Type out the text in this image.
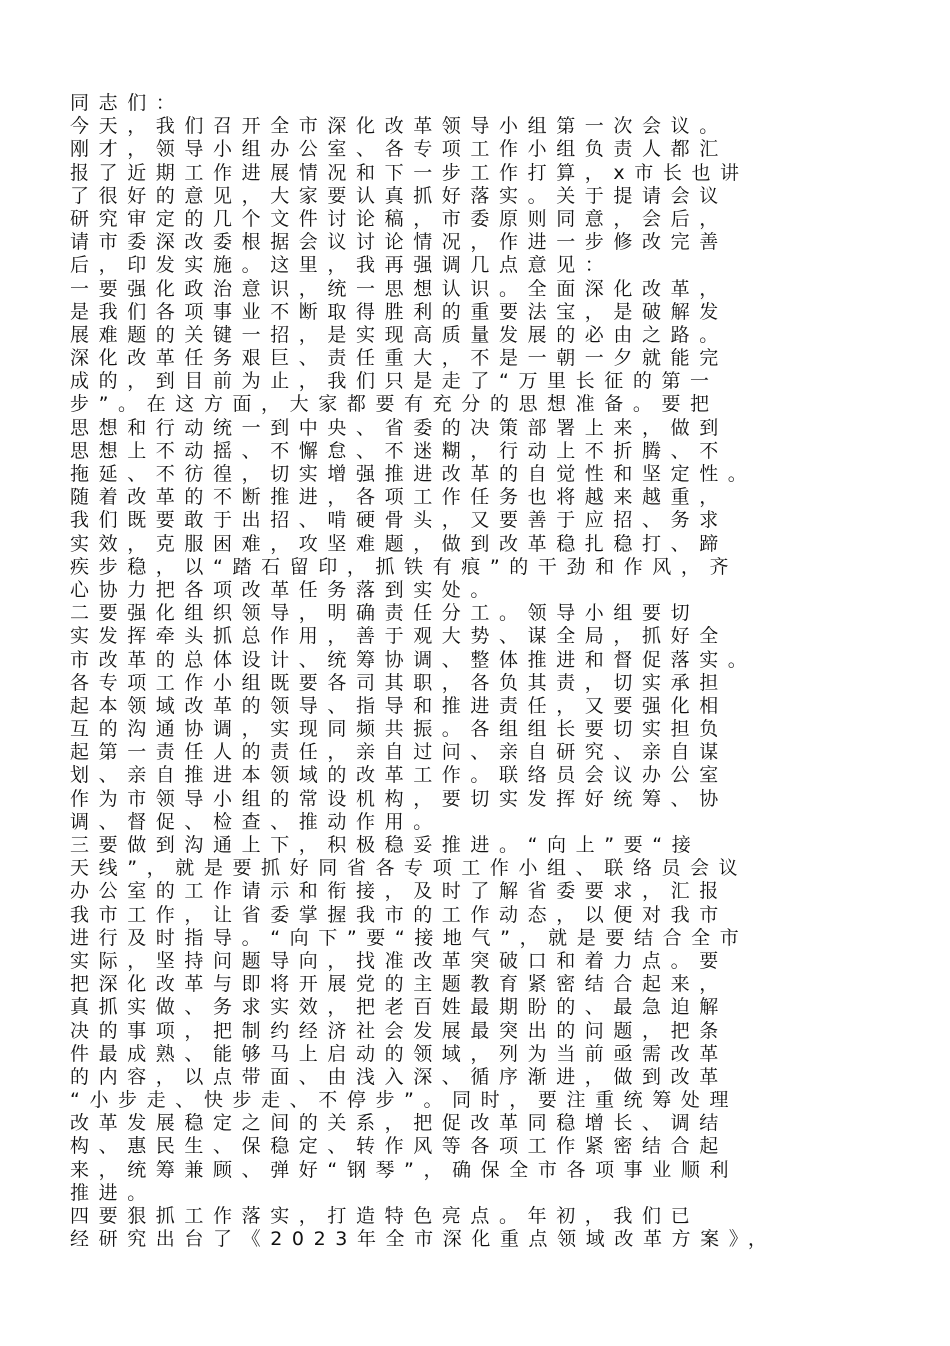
同志们：
今天，我们召开全市深化改革领导小组第一次会议。
刚才，领导小组办公室、各专项工作小组负责人都汇
报了近期工作进展情况和下一步工作打算，x市长也讲
了很好的意见，大家要认真抓好落实。关于提请会议
研究审定的几个文件讨论稿，市委原则同意，会后，
请市委深改委根据会议讨论情况，作进一步修改完善
后，印发实施。这里，我再强调几点意见：
一要强化政治意识，统一思想认识。全面深化改革，
是我们各项事业不断取得胜利的重要法宝，是破解发
展难题的关键一招，是实现高质量发展的必由之路。
深化改革任务艰巨、责任重大，不是一朝一夕就能完
成的，到目前为止，我们只是走了“万里长征的第一
步”。在这方面，大家都要有充分的思想准备。要把
思想和行动统一到中央、省委的决策部署上来，做到
思想上不动摇、不懈怠、不迷糊，行动上不折腾、不
拖延、不彷徨，切实增强推进改革的自觉性和坚定性。
随着改革的不断推进，各项工作任务也将越来越重，
我们既要敢于出招、啃硬骨头，又要善于应招、务求
实效，克服困难，攻坚难题，做到改革稳扎稳打、蹄
疾步稳，以“踏石留印，抓铁有痕”的干劲和作风，齐
心协力把各项改革任务落到实处。
二要强化组织领导，明确责任分工。领导小组要切
实发挥牵头抓总作用，善于观大势、谋全局，抓好全
市改革的总体设计、统筹协调、整体推进和督促落实。
各专项工作小组既要各司其职，各负其责，切实承担
起本领域改革的领导、指导和推进责任，又要强化相
互的沟通协调，实现同频共振。各组组长要切实担负
起第一责任人的责任，亲自过问、亲自研究、亲自谋
划、亲自推进本领域的改革工作。联络员会议办公室
作为市领导小组的常设机构，要切实发挥好统筹、协
调、督促、检查、推动作用。
三要做到沟通上下，积极稳妥推进。“向上”要“接
天线”，就是要抓好同省各专项工作小组、联络员会议
办公室的工作请示和衔接，及时了解省委要求，汇报
我市工作，让省委掌握我市的工作动态，以便对我市
进行及时指导。“向下”要“接地气”，就是要结合全市
实际，坚持问题导向，找准改革突破口和着力点。要
把深化改革与即将开展党的主题教育紧密结合起来，
真抓实做、务求实效，把老百姓最期盼的、最急迫解
决的事项，把制约经济社会发展最突出的问题，把条
件最成熟、能够马上启动的领域，列为当前亟需改革
的内容，以点带面、由浅入深、循序渐进，做到改革
“小步走、快步走、不停步”。同时，要注重统筹处理
改革发展稳定之间的关系，把促改革同稳增长、调结
构、惠民生、保稳定、转作风等各项工作紧密结合起
来，统筹兼顾、弹好“钢琴”，确保全市各项事业顺利
推进。
四要狠抓工作落实，打造特色亮点。年初，我们已
经研究出台了《2023年全市深化重点领域改革方案》，
